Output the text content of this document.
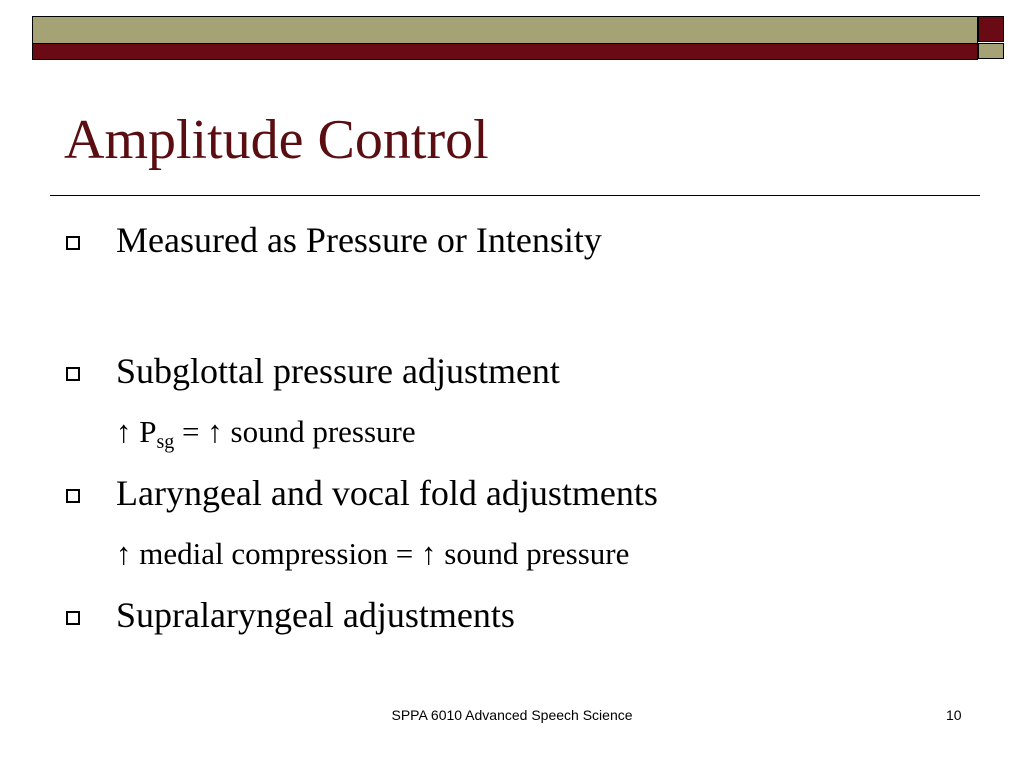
Amplitude Control
Measured as Pressure or Intensity
Subglottal pressure adjustment
↑ $P_{sg}$ = ↑ sound pressure
Laryngeal and vocal fold adjustments
↑ medial compression = ↑ sound pressure
Supralaryngeal adjustments
SPPA 6010 Advanced Speech Science	10
